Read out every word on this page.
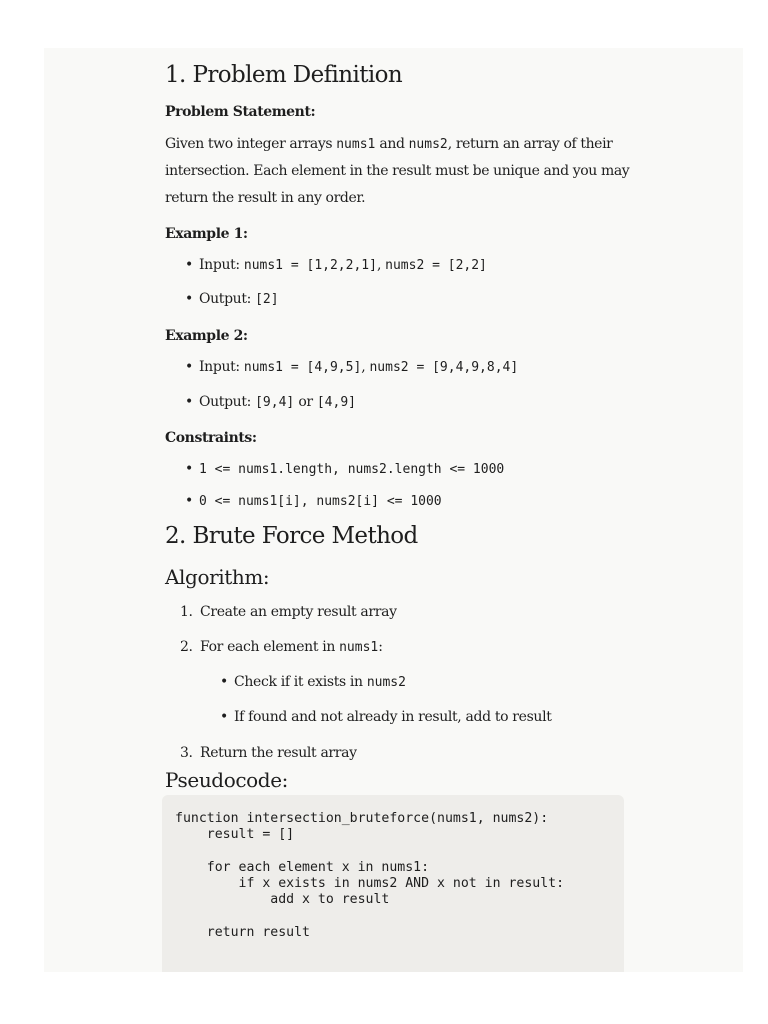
1. Problem Definition
Problem Statement:
Given two integer arrays nums1 and nums2, return an array of their
intersection. Each element in the result must be unique and you may
return the result in any order.
Example 1:
• Input: nums1 = [1,2,2,1], nums2 = [2,2]
• Output: [2]
Example 2:
• Input: nums1 = [4,9,5], nums2 = [9,4,9,8,4]
• Output: [9,4] or [4,9]
Constraints:
• 1 <= nums1.length, nums2.length <= 1000
• 0 <= nums1[i], nums2[i] <= 1000
2. Brute Force Method
Algorithm:
1. Create an empty result array
2. For each element in nums1:
• Check if it exists in nums2
• If found and not already in result, add to result
3. Return the result array
Pseudocode:
function intersection_bruteforce(nums1, nums2):
result = []

for each element x in nums1:
if x exists in nums2 AND x not in result:
add x to result

return result
